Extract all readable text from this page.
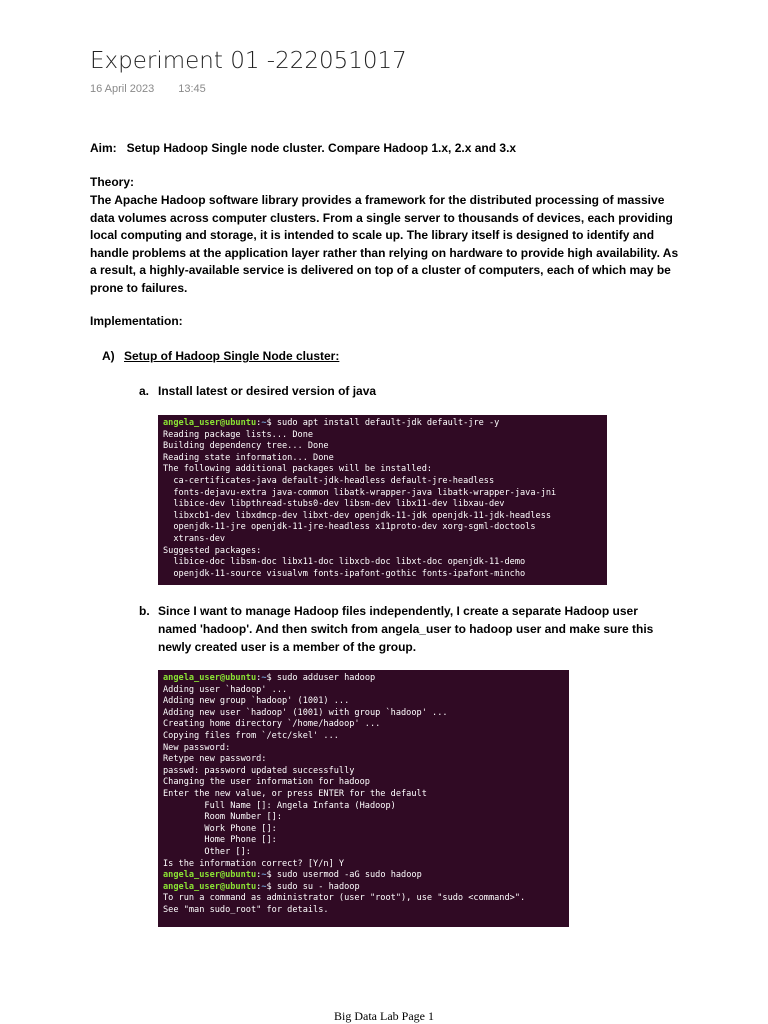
Experiment 01 -222051017
16 April 2023 13:45
Aim: Setup Hadoop Single node cluster. Compare Hadoop 1.x, 2.x and 3.x
Theory:

The Apache Hadoop software library provides a framework for the distributed processing of massive data volumes across computer clusters. From a single server to thousands of devices, each providing local computing and storage, it is intended to scale up. The library itself is designed to identify and handle problems at the application layer rather than relying on hardware to provide high availability. As a result, a highly-available service is delivered on top of a cluster of computers, each of which may be prone to failures.

Implementation:
A) Setup of Hadoop Single Node cluster:
a. Install latest or desired version of java
angela_user@ubuntu:~$ sudo apt install default-jdk default-jre -y
Reading package lists... Done
Building dependency tree... Done
Reading state information... Done
The following additional packages will be installed:
ca-certificates-java default-jdk-headless default-jre-headless
fonts-dejavu-extra java-common libatk-wrapper-java libatk-wrapper-java-jni
libice-dev libpthread-stubs0-dev libsm-dev libx11-dev libxau-dev
libxcb1-dev libxdmcp-dev libxt-dev openjdk-11-jdk openjdk-11-jdk-headless
openjdk-11-jre openjdk-11-jre-headless x11proto-dev xorg-sgml-doctools
xtrans-dev
Suggested packages:
libice-doc libsm-doc libx11-doc libxcb-doc libxt-doc openjdk-11-demo
openjdk-11-source visualvm fonts-ipafont-gothic fonts-ipafont-mincho
b. Since I want to manage Hadoop files independently, I create a separate Hadoop user named 'hadoop'. And then switch from angela_user to hadoop user and make sure this newly created user is a member of the group.
angela_user@ubuntu:~$ sudo adduser hadoop
Adding user `hadoop' ...
Adding new group `hadoop' (1001) ...
Adding new user `hadoop' (1001) with group `hadoop' ...
Creating home directory `/home/hadoop' ...
Copying files from `/etc/skel' ...
New password:
Retype new password:
passwd: password updated successfully
Changing the user information for hadoop
Enter the new value, or press ENTER for the default
Full Name []: Angela Infanta (Hadoop)
Room Number []:
Work Phone []:
Home Phone []:
Other []:
Is the information correct? [Y/n] Y
angela_user@ubuntu:~$ sudo usermod -aG sudo hadoop
angela_user@ubuntu:~$ sudo su - hadoop
To run a command as administrator (user "root"), use "sudo <command>".
See "man sudo_root" for details.
Big Data Lab Page 1
